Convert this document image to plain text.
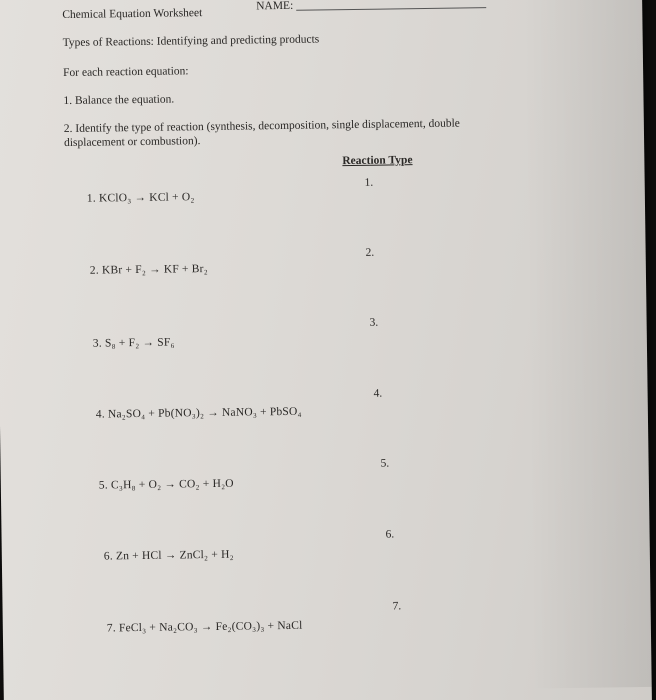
Chemical Equation Worksheet
NAME:
Types of Reactions: Identifying and predicting products
For each reaction equation:
1. Balance the equation.
2. Identify the type of reaction (synthesis, decomposition, single displacement, double
displacement or combustion).
Reaction Type
1. KClO₃ → KCl + O₂
1.
2. KBr + F₂ → KF + Br₂
2.
3. S₈ + F₂ → SF₆
3.
4. Na₂SO₄ + Pb(NO₃)₂ → NaNO₃ + PbSO₄
4.
5. C₃H₈ + O₂ → CO₂ + H₂O
5.
6. Zn + HCl → ZnCl₂ + H₂
6.
7. FeCl₃ + Na₂CO₃ → Fe₂(CO₃)₃ + NaCl
7.
